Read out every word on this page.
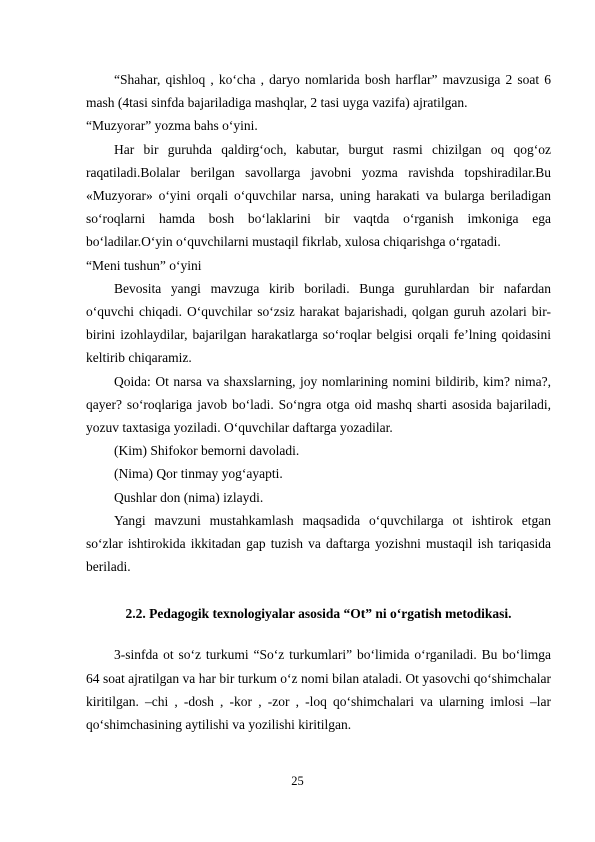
“Shahar, qishloq , ko‘cha , daryo nomlarida bosh harflar” mavzusiga 2 soat 6 mash (4tasi sinfda bajariladiga mashqlar, 2 tasi uyga vazifa) ajratilgan.

“Muzyorar” yozma bahs o‘yini.

Har bir guruhda qaldirg‘och, kabutar, burgut rasmi chizilgan oq qog‘oz raqatiladi.Bolalar berilgan savollarga javobni yozma ravishda topshiradilar.Bu «Muzyorar» o‘yini orqali o‘quvchilar narsa, uning harakati va bularga beriladigan so‘roqlarni hamda bosh bo‘laklarini bir vaqtda o‘rganish imkoniga ega bo‘ladilar.O‘yin o‘quvchilarni mustaqil fikrlab, xulosa chiqarishga o‘rgatadi.

“Meni tushun” o‘yini

Bevosita yangi mavzuga kirib boriladi. Bunga guruhlardan bir nafardan o‘quvchi chiqadi. O‘quvchilar so‘zsiz harakat bajarishadi, qolgan guruh azolari bir-birini izohlaydilar, bajarilgan harakatlarga so‘roqlar belgisi orqali fe’lning qoidasini keltirib chiqaramiz.

Qoida: Ot narsa va shaxslarning, joy nomlarining nomini bildirib, kim? nima?, qayer? so‘roqlariga javob bo‘ladi. So‘ngra otga oid mashq sharti asosida bajariladi, yozuv taxtasiga yoziladi. O‘quvchilar daftarga yozadilar.

(Kim) Shifokor bemorni davoladi.

(Nima) Qor tinmay yog‘ayapti.

Qushlar don (nima) izlaydi.

Yangi mavzuni mustahkamlash maqsadida o‘quvchilarga ot ishtirok etgan so‘zlar ishtirokida ikkitadan gap tuzish va daftarga yozishni mustaqil ish tariqasida beriladi.

2.2. Pedagogik texnologiyalar asosida “Ot” ni o‘rgatish metodikasi.

3-sinfda ot so‘z turkumi “So‘z turkumlari” bo‘limida o‘rganiladi. Bu bo‘limga 64 soat ajratilgan va har bir turkum o‘z nomi bilan ataladi. Ot yasovchi qo‘shimchalar kiritilgan. –chi , -dosh , -kor , -zor , -loq qo‘shimchalari va ularning imlosi –lar qo‘shimchasining aytilishi va yozilishi kiritilgan.

25
